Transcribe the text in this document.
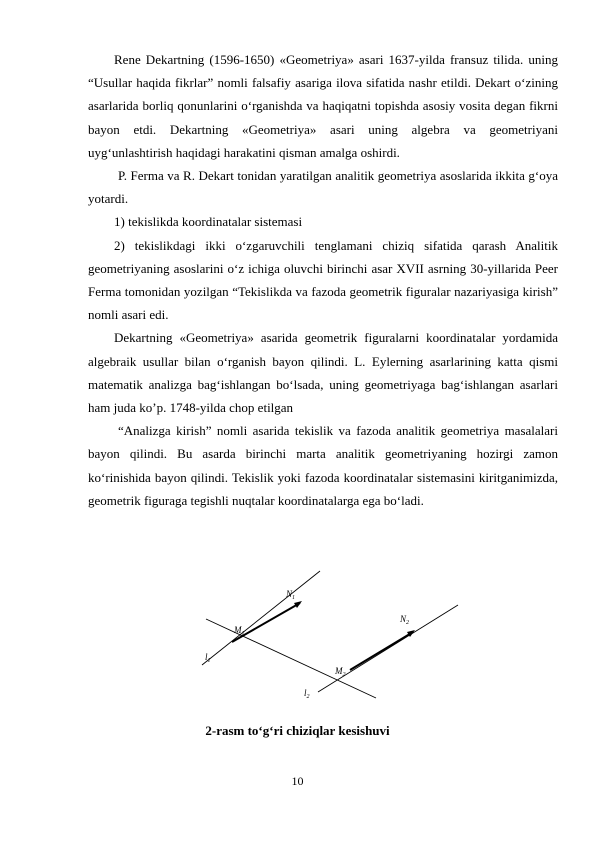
Rene Dekartning (1596-1650) «Geometriya» asari 1637-yilda fransuz tilida. uning “Usullar haqida fikrlar” nomli falsafiy asariga ilova sifatida nashr etildi. Dekart o‘zining asarlarida borliq qonunlarini o‘rganishda va haqiqatni topishda asosiy vosita degan fikrni bayon etdi. Dekartning «Geometriya» asari uning algebra va geometriyani uyg‘unlashtirish haqidagi harakatini qisman amalga oshirdi.

P. Ferma va R. Dekart tonidan yaratilgan analitik geometriya asoslarida ikkita g‘oya yotardi.

1) tekislikda koordinatalar sistemasi

2) tekislikdagi ikki o‘zgaruvchili tenglamani chiziq sifatida qarash Analitik geometriyaning asoslarini o‘z ichiga oluvchi birinchi asar XVII asrning 30-yillarida Peer Ferma tomonidan yozilgan “Tekislikda va fazoda geometrik figuralar nazariyasiga kirish” nomli asari edi.

Dekartning «Geometriya» asarida geometrik figuralarni koordinatalar yordamida algebraik usullar bilan o‘rganish bayon qilindi. L. Eylerning asarlarining katta qismi matematik analizga bag‘ishlangan bo‘lsada, uning geometriyaga bag‘ishlangan asarlari ham juda ko’p. 1748-yilda chop etilgan

“Analizga kirish” nomli asarida tekislik va fazoda analitik geometriya masalalari bayon qilindi. Bu asarda birinchi marta analitik geometriyaning hozirgi zamon ko‘rinishida bayon qilindi. Tekislik yoki fazoda koordinatalar sistemasini kiritganimizda, geometrik figuraga tegishli nuqtalar koordinatalarga ega bo‘ladi.

$N_1$
$N_2$
$M_1$
$M_2$
$l_1$
$l_2$
2-rasm to‘g‘ri chiziqlar kesishuvi
10
